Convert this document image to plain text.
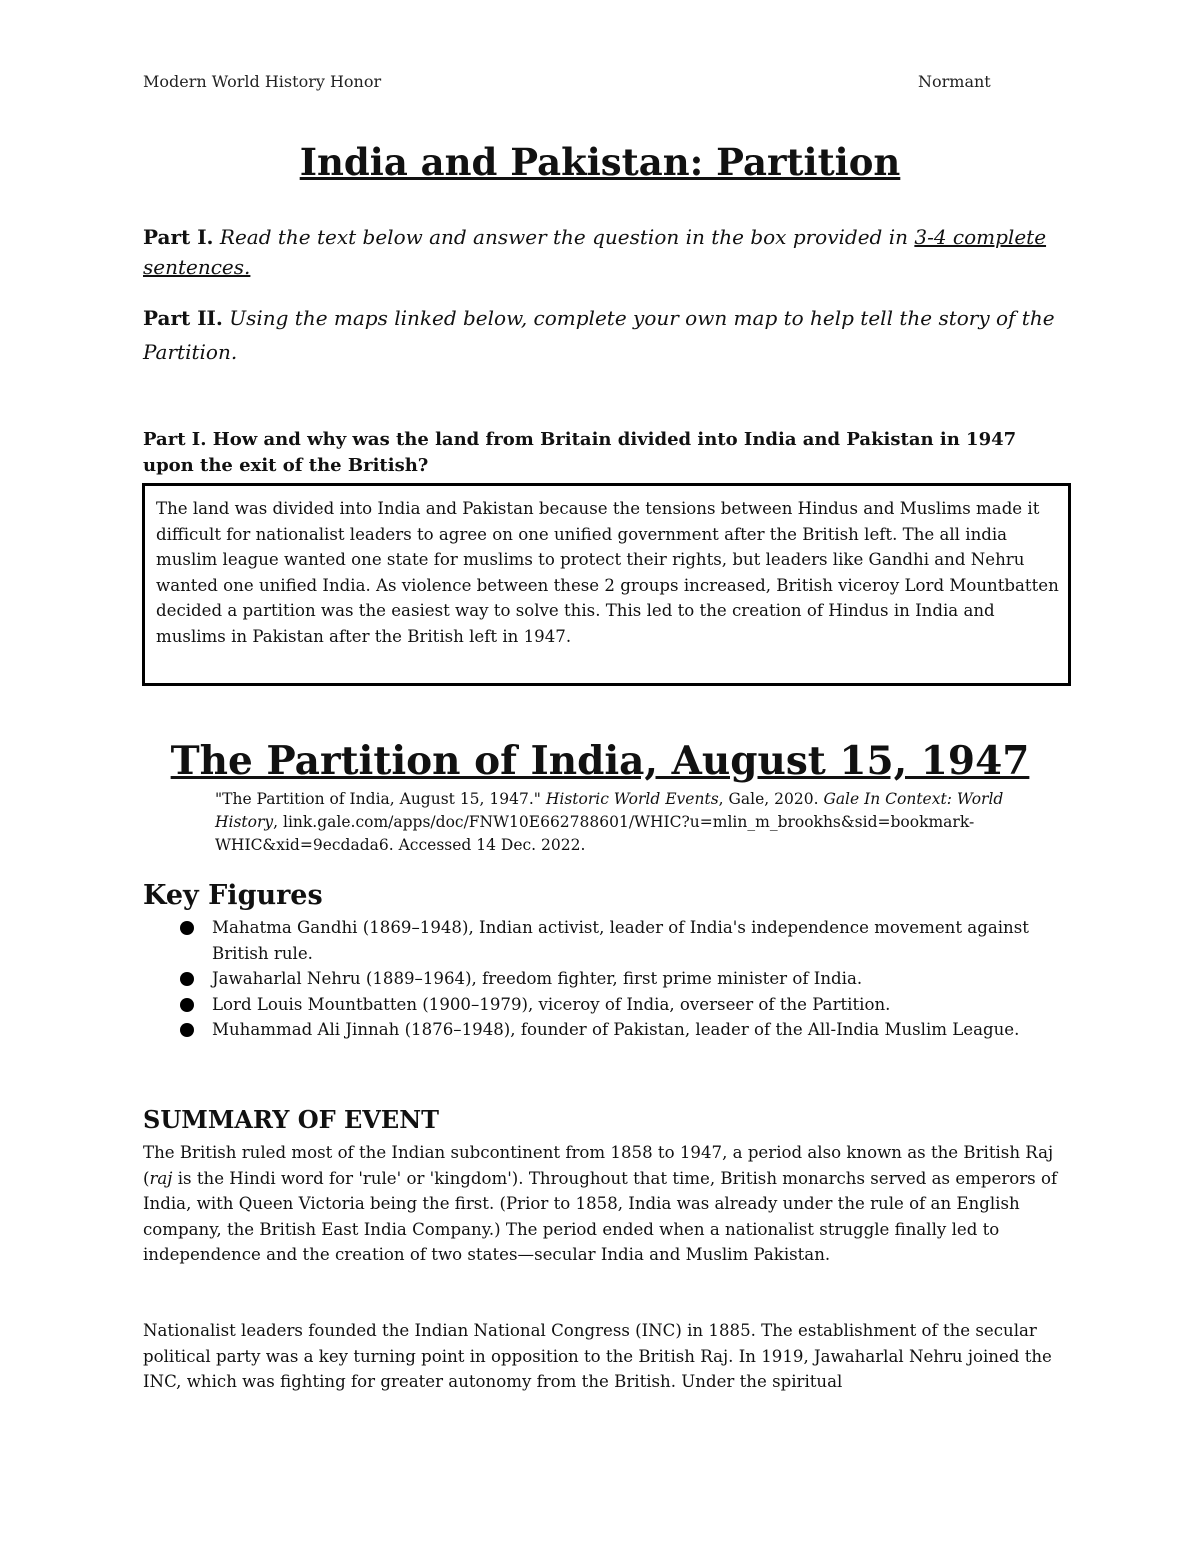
Modern World History Honor	Normant
India and Pakistan: Partition
Part I. Read the text below and answer the question in the box provided in 3-4 complete sentences.
Part II. Using the maps linked below, complete your own map to help tell the story of the Partition.
Part I. How and why was the land from Britain divided into India and Pakistan in 1947 upon the exit of the British?

The land was divided into India and Pakistan because the tensions between Hindus and Muslims made it difficult for nationalist leaders to agree on one unified government after the British left. The all india muslim league wanted one state for muslims to protect their rights, but leaders like Gandhi and Nehru wanted one unified India. As violence between these 2 groups increased, British viceroy Lord Mountbatten decided a partition was the easiest way to solve this. This led to the creation of Hindus in India and muslims in Pakistan after the British left in 1947.

The Partition of India, August 15, 1947
"The Partition of India, August 15, 1947." Historic World Events, Gale, 2020. Gale In Context: World History, link.gale.com/apps/doc/FNW10E662788601/WHIC?u=mlin_m_brookhs&sid=bookmark-WHIC&xid=9ecdada6. Accessed 14 Dec. 2022.
Key Figures
Mahatma Gandhi (1869–1948), Indian activist, leader of India's independence movement against British rule.
Jawaharlal Nehru (1889–1964), freedom fighter, first prime minister of India.
Lord Louis Mountbatten (1900–1979), viceroy of India, overseer of the Partition.
Muhammad Ali Jinnah (1876–1948), founder of Pakistan, leader of the All-India Muslim League.
SUMMARY OF EVENT

The British ruled most of the Indian subcontinent from 1858 to 1947, a period also known as the British Raj (raj is the Hindi word for 'rule' or 'kingdom'). Throughout that time, British monarchs served as emperors of India, with Queen Victoria being the first. (Prior to 1858, India was already under the rule of an English company, the British East India Company.) The period ended when a nationalist struggle finally led to independence and the creation of two states—secular India and Muslim Pakistan.

Nationalist leaders founded the Indian National Congress (INC) in 1885. The establishment of the secular political party was a key turning point in opposition to the British Raj. In 1919, Jawaharlal Nehru joined the INC, which was fighting for greater autonomy from the British. Under the spiritual
